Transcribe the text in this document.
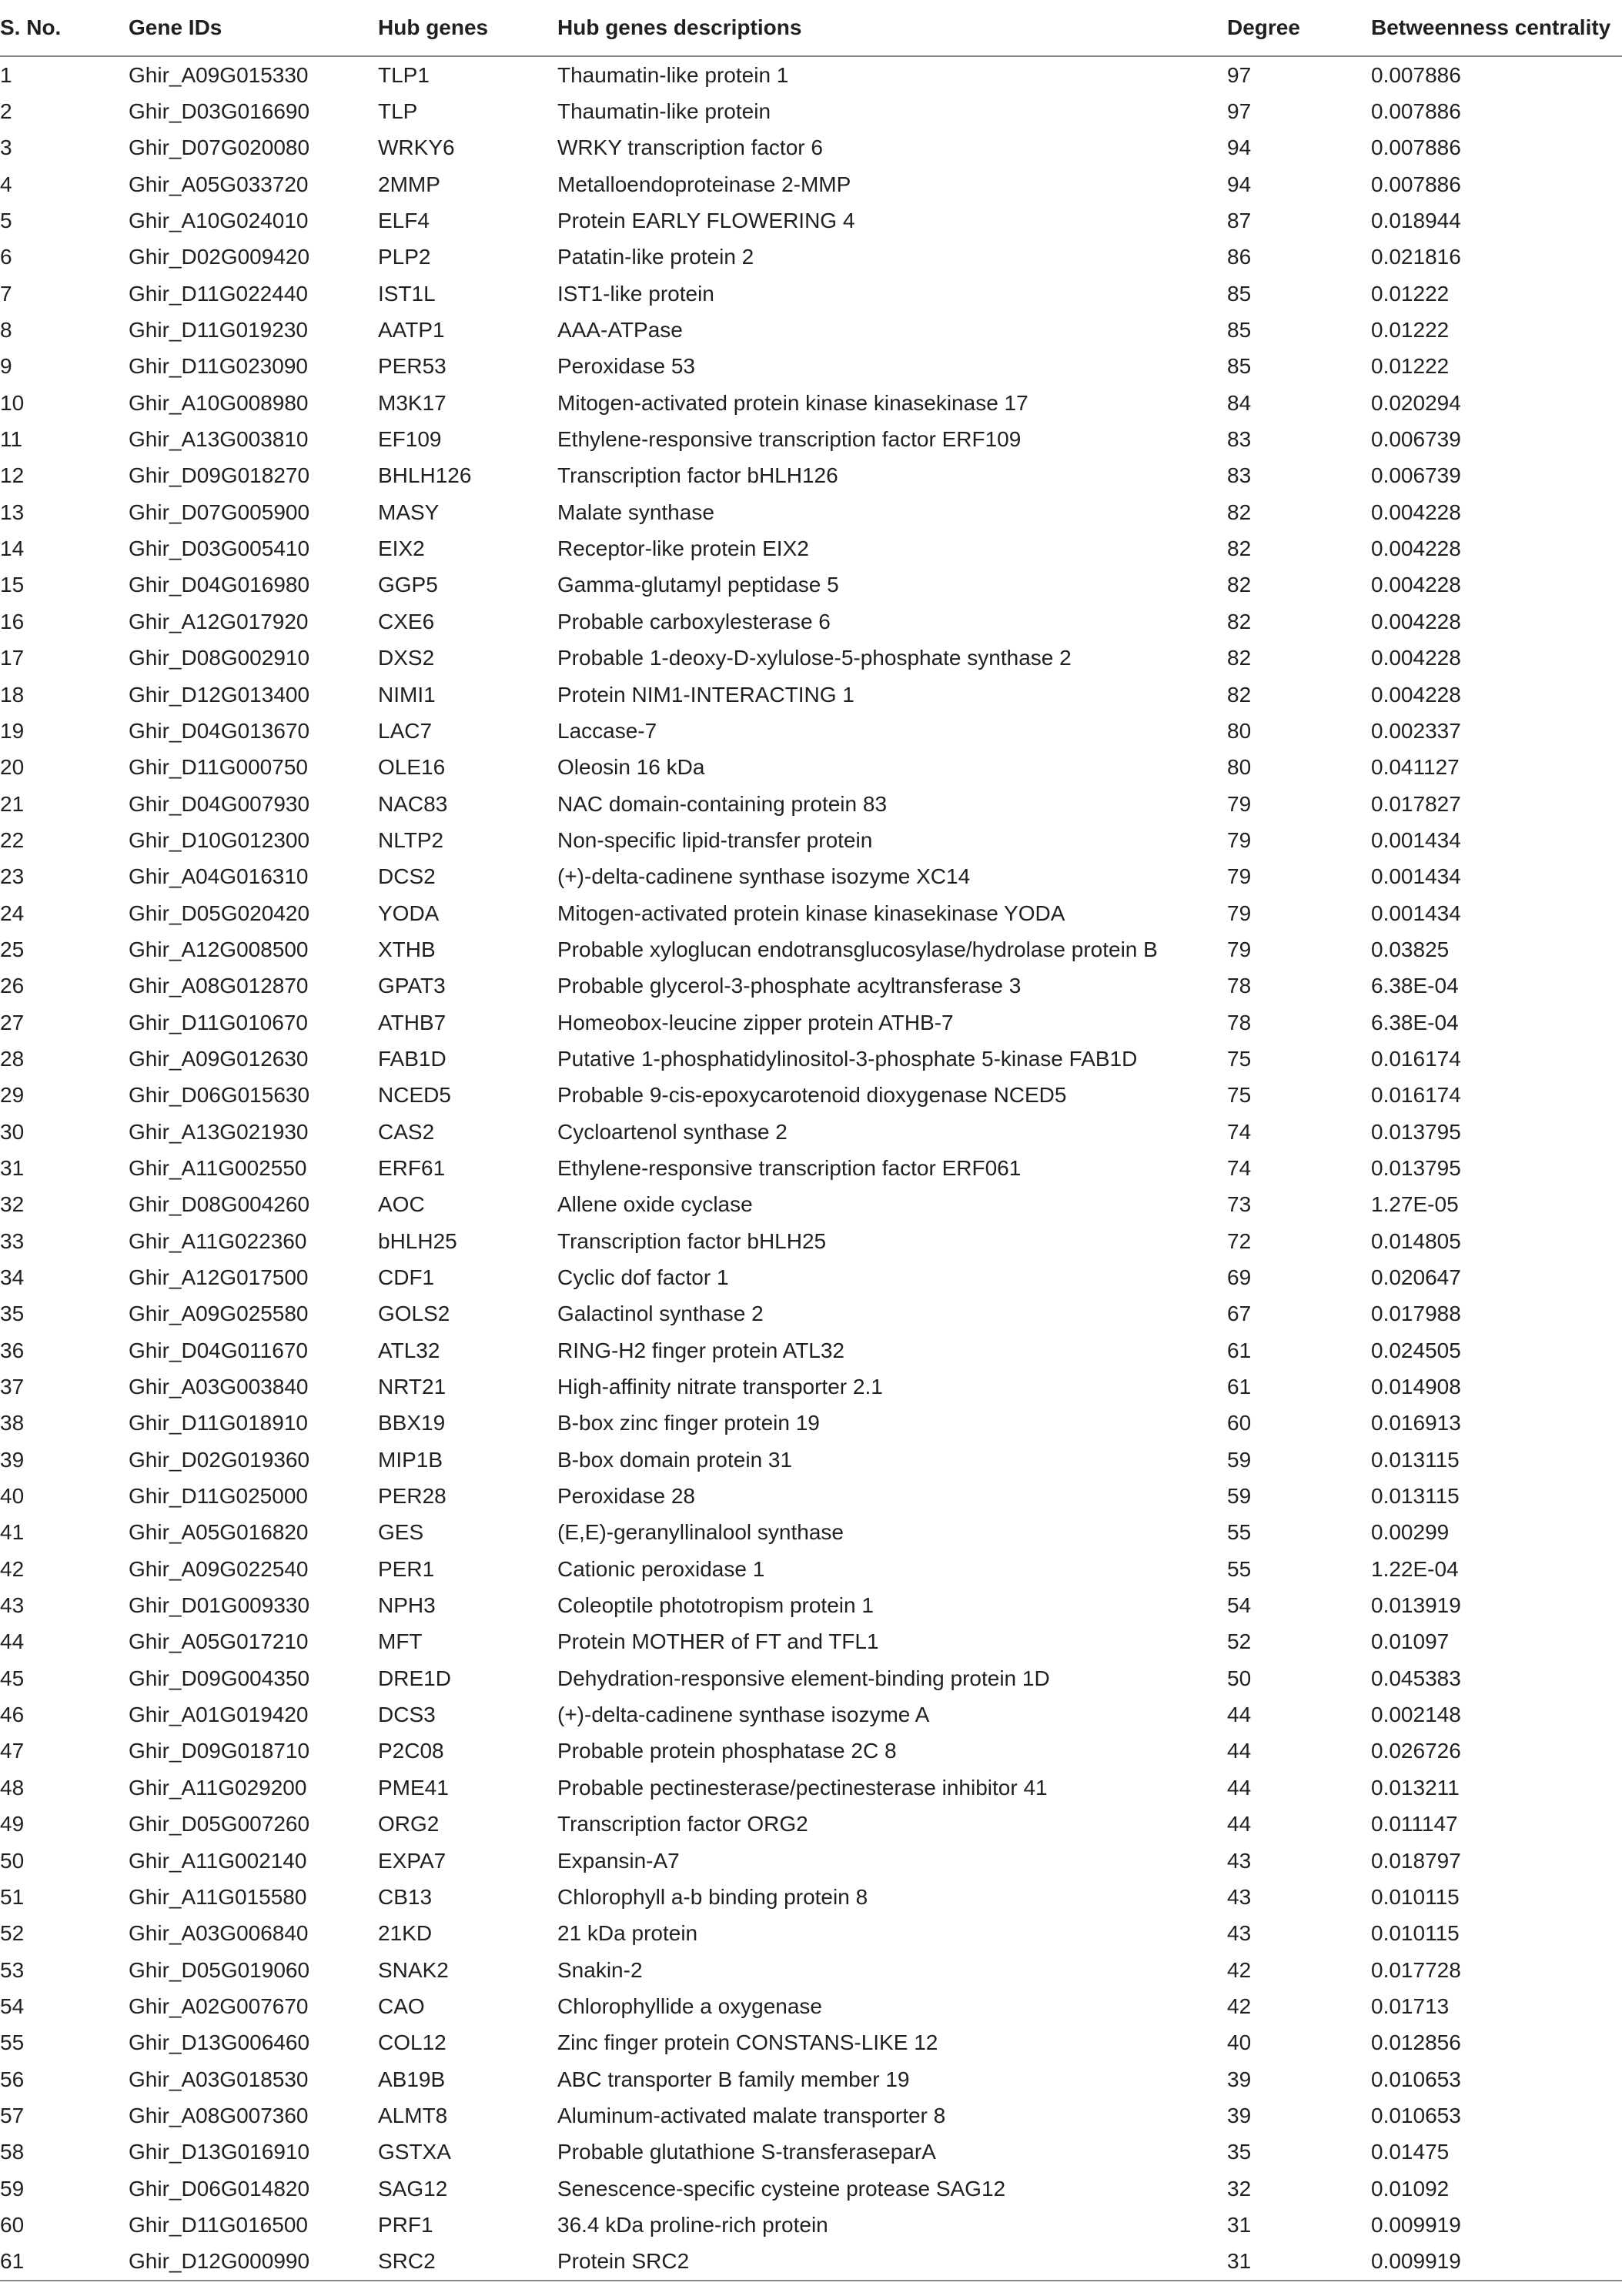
S. No.	Gene IDs	Hub genes	Hub genes descriptions	Degree	Betweenness centrality
1	Ghir_A09G015330	TLP1	Thaumatin-like protein 1	97	0.007886
2	Ghir_D03G016690	TLP	Thaumatin-like protein	97	0.007886
3	Ghir_D07G020080	WRKY6	WRKY transcription factor 6	94	0.007886
4	Ghir_A05G033720	2MMP	Metalloendoproteinase 2-MMP	94	0.007886
5	Ghir_A10G024010	ELF4	Protein EARLY FLOWERING 4	87	0.018944
6	Ghir_D02G009420	PLP2	Patatin-like protein 2	86	0.021816
7	Ghir_D11G022440	IST1L	IST1-like protein	85	0.01222
8	Ghir_D11G019230	AATP1	AAA-ATPase	85	0.01222
9	Ghir_D11G023090	PER53	Peroxidase 53	85	0.01222
10	Ghir_A10G008980	M3K17	Mitogen-activated protein kinase kinasekinase 17	84	0.020294
11	Ghir_A13G003810	EF109	Ethylene-responsive transcription factor ERF109	83	0.006739
12	Ghir_D09G018270	BHLH126	Transcription factor bHLH126	83	0.006739
13	Ghir_D07G005900	MASY	Malate synthase	82	0.004228
14	Ghir_D03G005410	EIX2	Receptor-like protein EIX2	82	0.004228
15	Ghir_D04G016980	GGP5	Gamma-glutamyl peptidase 5	82	0.004228
16	Ghir_A12G017920	CXE6	Probable carboxylesterase 6	82	0.004228
17	Ghir_D08G002910	DXS2	Probable 1-deoxy-D-xylulose-5-phosphate synthase 2	82	0.004228
18	Ghir_D12G013400	NIMI1	Protein NIM1-INTERACTING 1	82	0.004228
19	Ghir_D04G013670	LAC7	Laccase-7	80	0.002337
20	Ghir_D11G000750	OLE16	Oleosin 16 kDa	80	0.041127
21	Ghir_D04G007930	NAC83	NAC domain-containing protein 83	79	0.017827
22	Ghir_D10G012300	NLTP2	Non-specific lipid-transfer protein	79	0.001434
23	Ghir_A04G016310	DCS2	(+)-delta-cadinene synthase isozyme XC14	79	0.001434
24	Ghir_D05G020420	YODA	Mitogen-activated protein kinase kinasekinase YODA	79	0.001434
25	Ghir_A12G008500	XTHB	Probable xyloglucan endotransglucosylase/hydrolase protein B	79	0.03825
26	Ghir_A08G012870	GPAT3	Probable glycerol-3-phosphate acyltransferase 3	78	6.38E-04
27	Ghir_D11G010670	ATHB7	Homeobox-leucine zipper protein ATHB-7	78	6.38E-04
28	Ghir_A09G012630	FAB1D	Putative 1-phosphatidylinositol-3-phosphate 5-kinase FAB1D	75	0.016174
29	Ghir_D06G015630	NCED5	Probable 9-cis-epoxycarotenoid dioxygenase NCED5	75	0.016174
30	Ghir_A13G021930	CAS2	Cycloartenol synthase 2	74	0.013795
31	Ghir_A11G002550	ERF61	Ethylene-responsive transcription factor ERF061	74	0.013795
32	Ghir_D08G004260	AOC	Allene oxide cyclase	73	1.27E-05
33	Ghir_A11G022360	bHLH25	Transcription factor bHLH25	72	0.014805
34	Ghir_A12G017500	CDF1	Cyclic dof factor 1	69	0.020647
35	Ghir_A09G025580	GOLS2	Galactinol synthase 2	67	0.017988
36	Ghir_D04G011670	ATL32	RING-H2 finger protein ATL32	61	0.024505
37	Ghir_A03G003840	NRT21	High-affinity nitrate transporter 2.1	61	0.014908
38	Ghir_D11G018910	BBX19	B-box zinc finger protein 19	60	0.016913
39	Ghir_D02G019360	MIP1B	B-box domain protein 31	59	0.013115
40	Ghir_D11G025000	PER28	Peroxidase 28	59	0.013115
41	Ghir_A05G016820	GES	(E,E)-geranyllinalool synthase	55	0.00299
42	Ghir_A09G022540	PER1	Cationic peroxidase 1	55	1.22E-04
43	Ghir_D01G009330	NPH3	Coleoptile phototropism protein 1	54	0.013919
44	Ghir_A05G017210	MFT	Protein MOTHER of FT and TFL1	52	0.01097
45	Ghir_D09G004350	DRE1D	Dehydration-responsive element-binding protein 1D	50	0.045383
46	Ghir_A01G019420	DCS3	(+)-delta-cadinene synthase isozyme A	44	0.002148
47	Ghir_D09G018710	P2C08	Probable protein phosphatase 2C 8	44	0.026726
48	Ghir_A11G029200	PME41	Probable pectinesterase/pectinesterase inhibitor 41	44	0.013211
49	Ghir_D05G007260	ORG2	Transcription factor ORG2	44	0.011147
50	Ghir_A11G002140	EXPA7	Expansin-A7	43	0.018797
51	Ghir_A11G015580	CB13	Chlorophyll a-b binding protein 8	43	0.010115
52	Ghir_A03G006840	21KD	21 kDa protein	43	0.010115
53	Ghir_D05G019060	SNAK2	Snakin-2	42	0.017728
54	Ghir_A02G007670	CAO	Chlorophyllide a oxygenase	42	0.01713
55	Ghir_D13G006460	COL12	Zinc finger protein CONSTANS-LIKE 12	40	0.012856
56	Ghir_A03G018530	AB19B	ABC transporter B family member 19	39	0.010653
57	Ghir_A08G007360	ALMT8	Aluminum-activated malate transporter 8	39	0.010653
58	Ghir_D13G016910	GSTXA	Probable glutathione S-transferaseparA	35	0.01475
59	Ghir_D06G014820	SAG12	Senescence-specific cysteine protease SAG12	32	0.01092
60	Ghir_D11G016500	PRF1	36.4 kDa proline-rich protein	31	0.009919
61	Ghir_D12G000990	SRC2	Protein SRC2	31	0.009919
